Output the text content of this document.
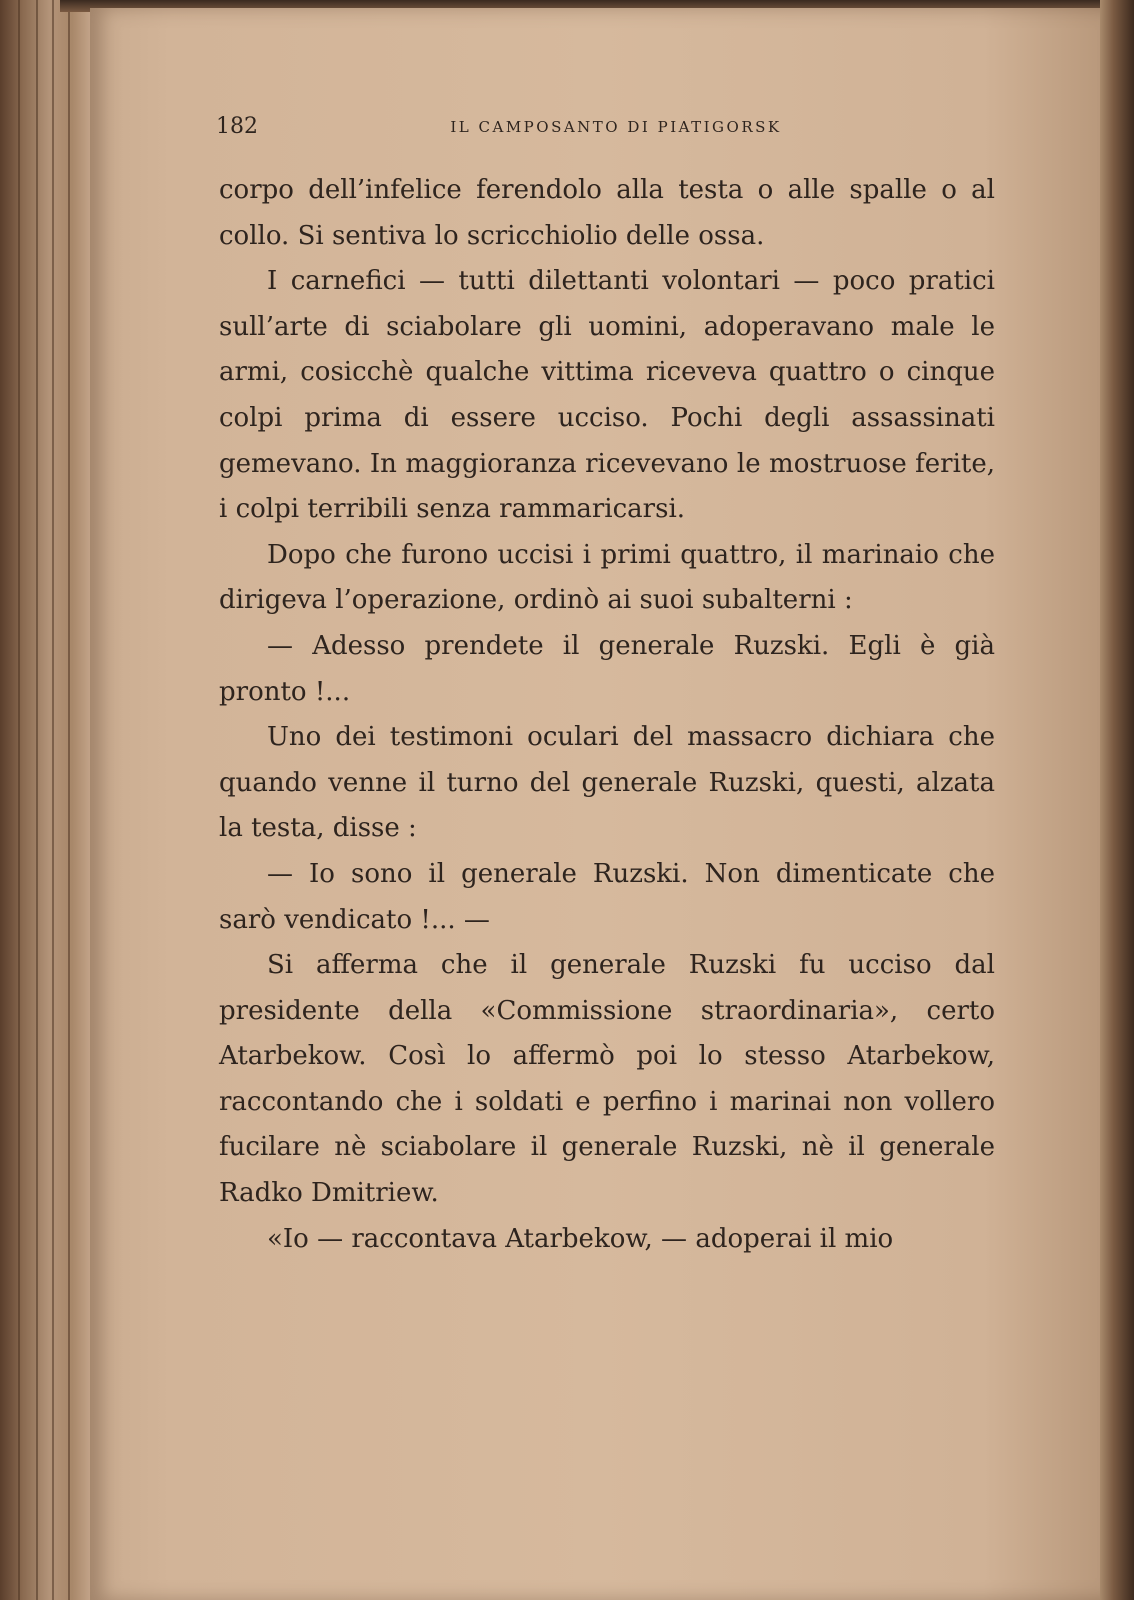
182	IL CAMPOSANTO DI PIATIGORSK

corpo dell’infelice ferendolo alla testa o alle spalle o al collo. Si sentiva lo scricchiolio delle ossa.

I carnefici — tutti dilettanti volontari — poco pratici sull’arte di sciabolare gli uomini, adoperavano male le armi, cosicchè qualche vittima riceveva quattro o cinque colpi prima di essere ucciso. Pochi degli assassinati gemevano. In maggioranza ricevevano le mostruose ferite, i colpi terribili senza rammaricarsi.

Dopo che furono uccisi i primi quattro, il marinaio che dirigeva l’operazione, ordinò ai suoi subalterni :

— Adesso prendete il generale Ruzski. Egli è già pronto !...

Uno dei testimoni oculari del massacro dichiara che quando venne il turno del generale Ruzski, questi, alzata la testa, disse :

— Io sono il generale Ruzski. Non dimenticate che sarò vendicato !... —

Si afferma che il generale Ruzski fu ucciso dal presidente della «Commissione straordinaria», certo Atarbekow. Così lo affermò poi lo stesso Atarbekow, raccontando che i soldati e perfino i marinai non vollero fucilare nè sciabolare il generale Ruzski, nè il generale Radko Dmitriew.

«Io — raccontava Atarbekow, — adoperai il mio
